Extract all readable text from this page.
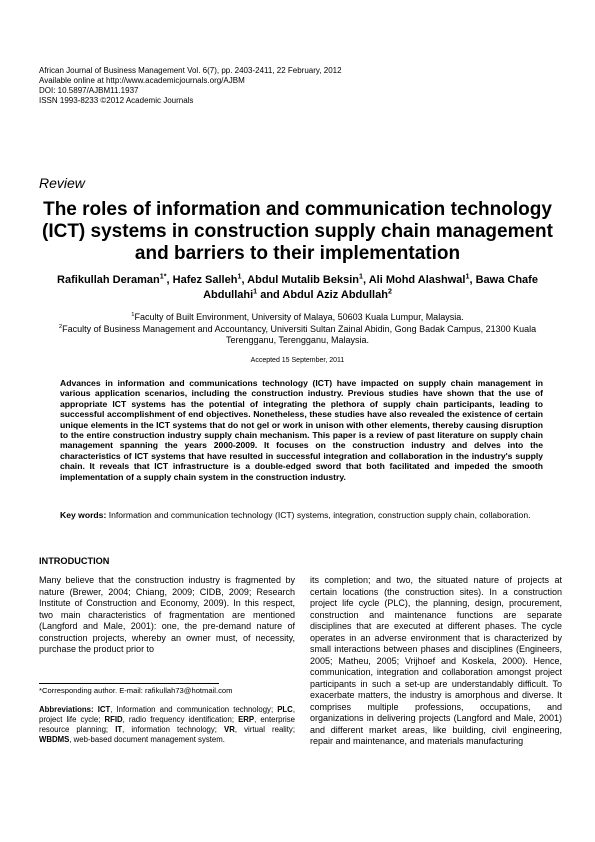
African Journal of Business Management Vol. 6(7), pp. 2403-2411, 22 February, 2012
Available online at http://www.academicjournals.org/AJBM
DOI: 10.5897/AJBM11.1937
ISSN 1993-8233 ©2012 Academic Journals
Review
The roles of information and communication technology (ICT) systems in construction supply chain management and barriers to their implementation
Rafikullah Deraman$^{1*}$, Hafez Salleh$^1$, Abdul Mutalib Beksin$^1$, Ali Mohd Alashwal$^1$, Bawa Chafe Abdullahi$^1$ and Abdul Aziz Abdullah$^2$
$^1$Faculty of Built Environment, University of Malaya, 50603 Kuala Lumpur, Malaysia.
$^2$Faculty of Business Management and Accountancy, Universiti Sultan Zainal Abidin, Gong Badak Campus, 21300 Kuala Terengganu, Terengganu, Malaysia.
Accepted 15 September, 2011
Advances in information and communications technology (ICT) have impacted on supply chain management in various application scenarios, including the construction industry. Previous studies have shown that the use of appropriate ICT systems has the potential of integrating the plethora of supply chain participants, leading to successful accomplishment of end objectives. Nonetheless, these studies have also revealed the existence of certain unique elements in the ICT systems that do not gel or work in unison with other elements, thereby causing disruption to the entire construction industry supply chain mechanism. This paper is a review of past literature on supply chain management spanning the years 2000-2009. It focuses on the construction industry and delves into the characteristics of ICT systems that have resulted in successful integration and collaboration in the industry's supply chain. It reveals that ICT infrastructure is a double-edged sword that both facilitated and impeded the smooth implementation of a supply chain system in the construction industry.
Key words: Information and communication technology (ICT) systems, integration, construction supply chain, collaboration.
INTRODUCTION
Many believe that the construction industry is fragmented by nature (Brewer, 2004; Chiang, 2009; CIDB, 2009; Research Institute of Construction and Economy, 2009). In this respect, two main characteristics of fragmentation are mentioned (Langford and Male, 2001): one, the pre-demand nature of construction projects, whereby an owner must, of necessity, purchase the product prior to
its completion; and two, the situated nature of projects at certain locations (the construction sites). In a construction project life cycle (PLC), the planning, design, procurement, construction and maintenance functions are separate disciplines that are executed at different phases. The cycle operates in an adverse environment that is characterized by small interactions between phases and disciplines (Engineers, 2005; Matheu, 2005; Vrijhoef and Koskela, 2000). Hence, communication, integration and collaboration amongst project participants in such a set-up are understandably difficult. To exacerbate matters, the industry is amorphous and diverse. It comprises multiple professions, occupations, and organizations in delivering projects (Langford and Male, 2001) and different market areas, like building, civil engineering, repair and maintenance, and materials manufacturing
*Corresponding author. E-mail: rafikullah73@hotmail.com
Abbreviations: ICT, Information and communication technology; PLC, project life cycle; RFID, radio frequency identification; ERP, enterprise resource planning; IT, information technology; VR, virtual reality; WBDMS, web-based document management system.
